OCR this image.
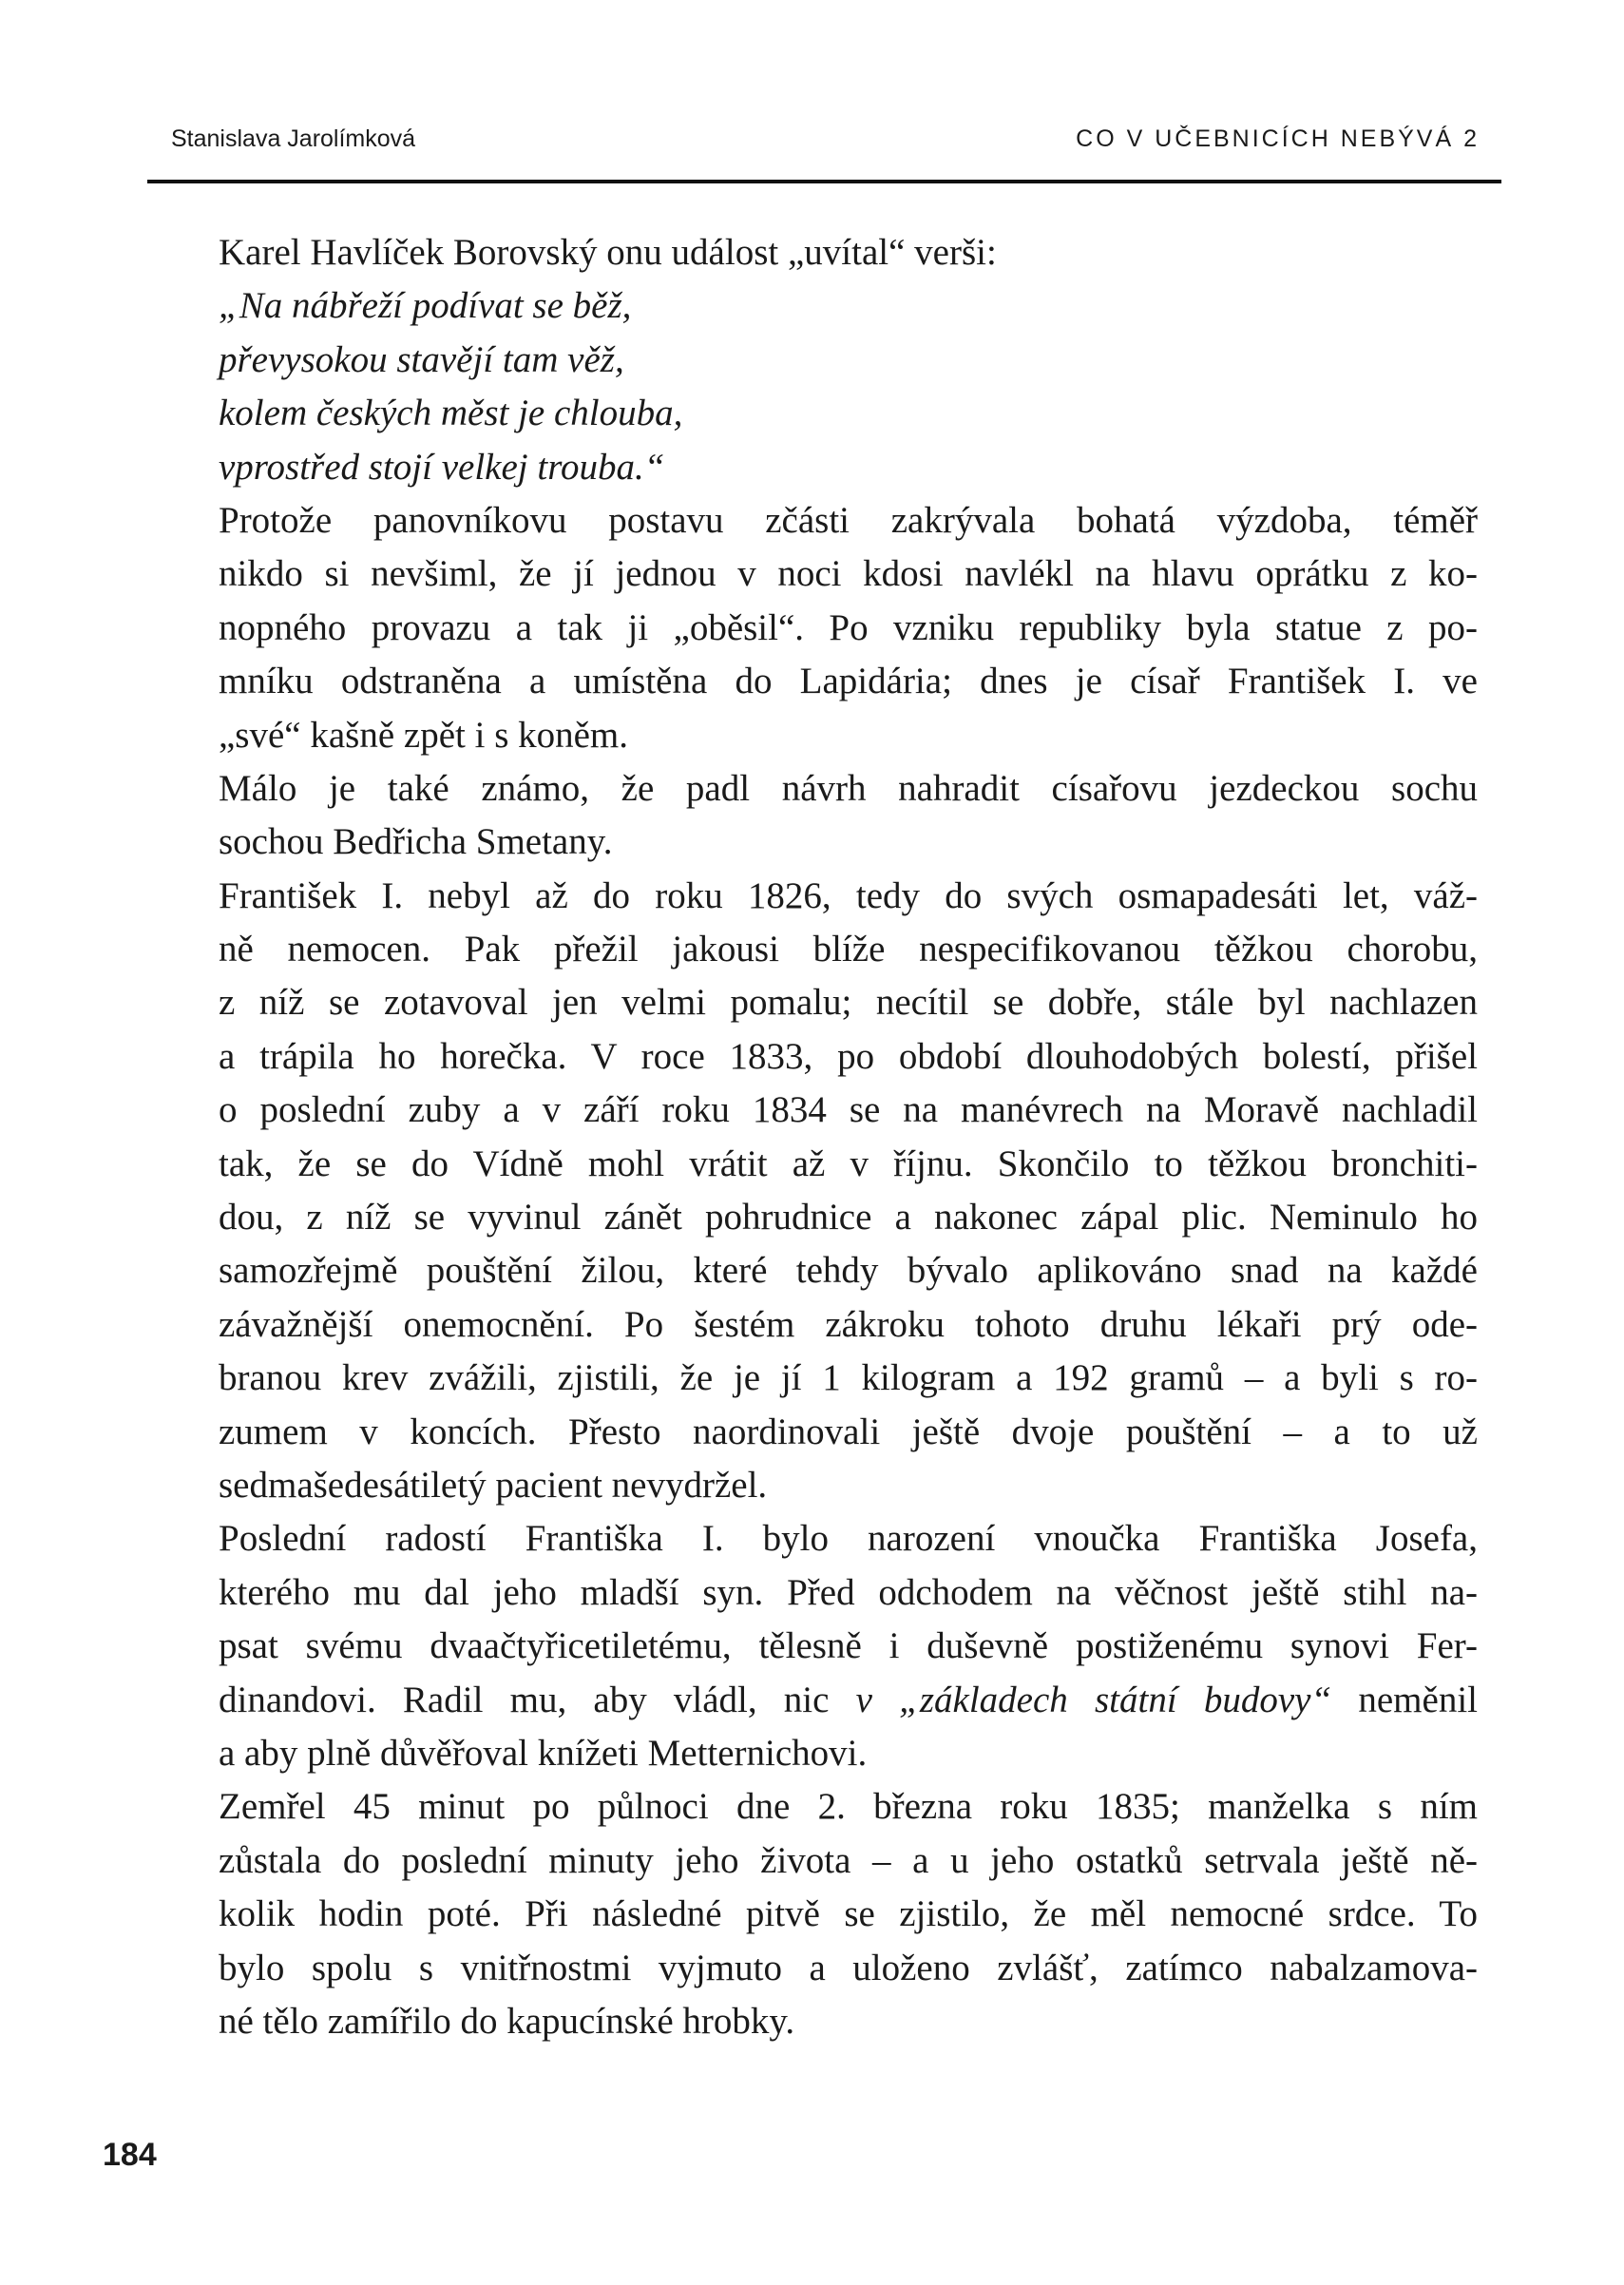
Stanislava Jarolímková	CO V UČEBNICÍCH NEBÝVÁ 2
Karel Havlíček Borovský onu událost „uvítal“ verši:
„Na nábřeží podívat se běž,
převysokou stavějí tam věž,
kolem českých měst je chlouba,
vprostřed stojí velkej trouba.“
Protože panovníkovu postavu zčásti zakrývala bohatá výzdoba, téměř
nikdo si nevšiml, že jí jednou v noci kdosi navlékl na hlavu oprátku z ko-
nopného provazu a tak ji „oběsil“. Po vzniku republiky byla statue z po-
mníku odstraněna a umístěna do Lapidária; dnes je císař František I. ve
„své“ kašně zpět i s koněm.
Málo je také známo, že padl návrh nahradit císařovu jezdeckou sochu
sochou Bedřicha Smetany.
František I. nebyl až do roku 1826, tedy do svých osmapadesáti let, váž-
ně nemocen. Pak přežil jakousi blíže nespecifikovanou těžkou chorobu,
z níž se zotavoval jen velmi pomalu; necítil se dobře, stále byl nachlazen
a trápila ho horečka. V roce 1833, po období dlouhodobých bolestí, přišel
o poslední zuby a v září roku 1834 se na manévrech na Moravě nachladil
tak, že se do Vídně mohl vrátit až v říjnu. Skončilo to těžkou bronchiti-
dou, z níž se vyvinul zánět pohrudnice a nakonec zápal plic. Neminulo ho
samozřejmě pouštění žilou, které tehdy bývalo aplikováno snad na každé
závažnější onemocnění. Po šestém zákroku tohoto druhu lékaři prý ode-
branou krev zvážili, zjistili, že je jí 1 kilogram a 192 gramů – a byli s ro-
zumem v koncích. Přesto naordinovali ještě dvoje pouštění – a to už
sedmašedesátiletý pacient nevydržel.
Poslední radostí Františka I. bylo narození vnoučka Františka Josefa,
kterého mu dal jeho mladší syn. Před odchodem na věčnost ještě stihl na-
psat svému dvaačtyřicetiletému, tělesně i duševně postiženému synovi Fer-
dinandovi. Radil mu, aby vládl, nic v „základech státní budovy“ neměnil
a aby plně důvěřoval knížeti Metternichovi.
Zemřel 45 minut po půlnoci dne 2. března roku 1835; manželka s ním
zůstala do poslední minuty jeho života – a u jeho ostatků setrvala ještě ně-
kolik hodin poté. Při následné pitvě se zjistilo, že měl nemocné srdce. To
bylo spolu s vnitřnostmi vyjmuto a uloženo zvlášť, zatímco nabalzamova-
né tělo zamířilo do kapucínské hrobky.
184
